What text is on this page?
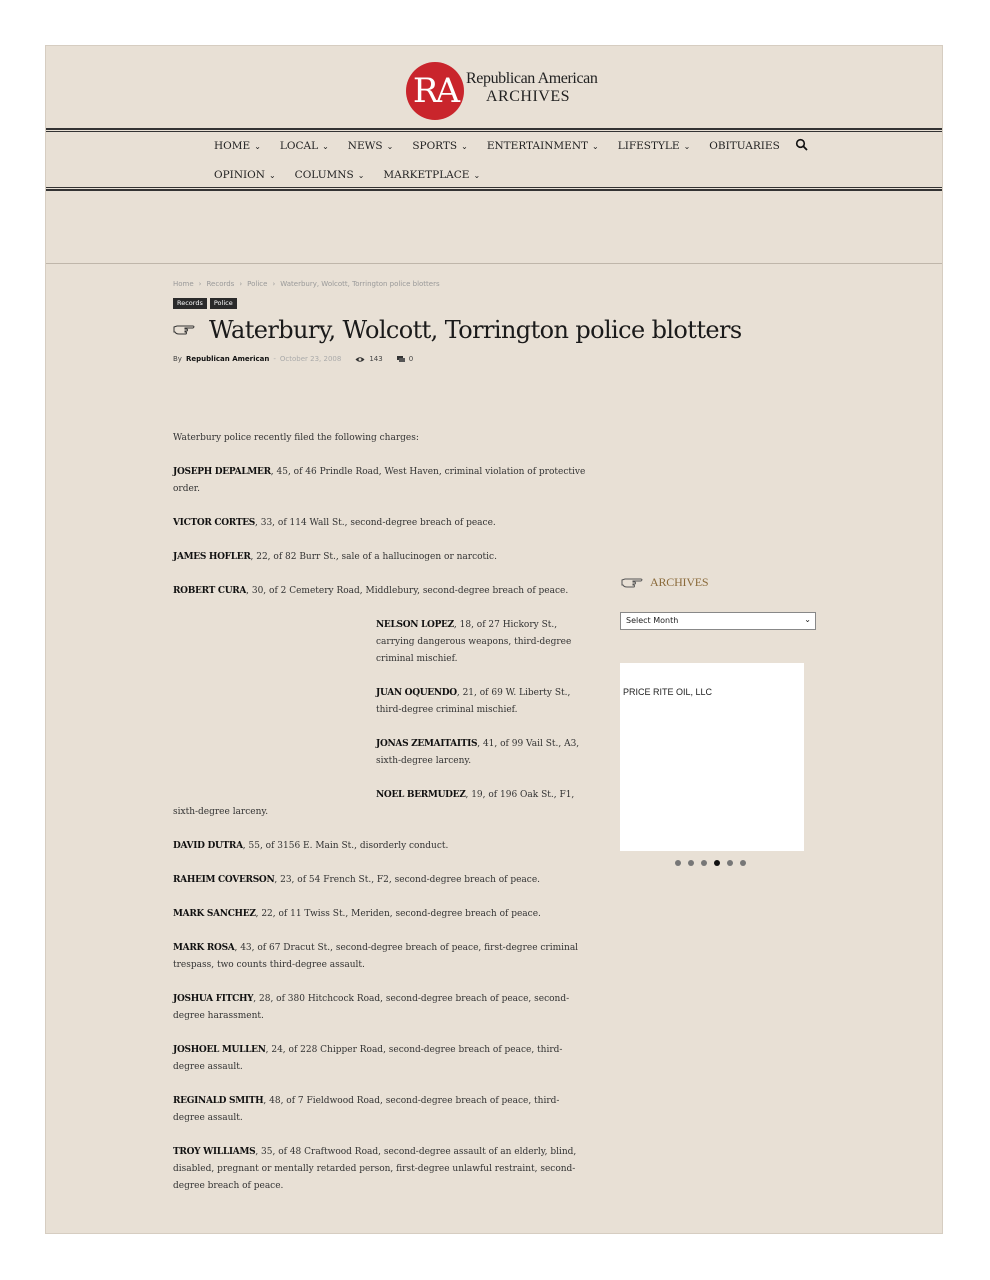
RA Republican American
ARCHIVES
HOME ⌄ LOCAL ⌄ NEWS ⌄ SPORTS ⌄ ENTERTAINMENT ⌄ LIFESTYLE ⌄ OBITUARIES
OPINION ⌄ COLUMNS ⌄ MARKETPLACE ⌄
Home › Records › Police › Waterbury, Wolcott, Torrington police blotters
Records	Police
Waterbury, Wolcott, Torrington police blotters
By Republican American - October 23, 2008	143	0

Waterbury police recently filed the following charges:

JOSEPH DEPALMER, 45, of 46 Prindle Road, West Haven, criminal violation of protective order.

VICTOR CORTES, 33, of 114 Wall St., second-degree breach of peace.

JAMES HOFLER, 22, of 82 Burr St., sale of a hallucinogen or narcotic.

ROBERT CURA, 30, of 2 Cemetery Road, Middlebury, second-degree breach of peace.

NELSON LOPEZ, 18, of 27 Hickory St., carrying dangerous weapons, third-degree criminal mischief.

JUAN OQUENDO, 21, of 69 W. Liberty St., third-degree criminal mischief.

JONAS ZEMAITAITIS, 41, of 99 Vail St., A3, sixth-degree larceny.

NOEL BERMUDEZ, 19, of 196 Oak St., F1, sixth-degree larceny.

DAVID DUTRA, 55, of 3156 E. Main St., disorderly conduct.

RAHEIM COVERSON, 23, of 54 French St., F2, second-degree breach of peace.

MARK SANCHEZ, 22, of 11 Twiss St., Meriden, second-degree breach of peace.

MARK ROSA, 43, of 67 Dracut St., second-degree breach of peace, first-degree criminal trespass, two counts third-degree assault.

JOSHUA FITCHY, 28, of 380 Hitchcock Road, second-degree breach of peace, second-degree harassment.

JOSHOEL MULLEN, 24, of 228 Chipper Road, second-degree breach of peace, third-degree assault.

REGINALD SMITH, 48, of 7 Fieldwood Road, second-degree breach of peace, third-degree assault.

TROY WILLIAMS, 35, of 48 Craftwood Road, second-degree assault of an elderly, blind, disabled, pregnant or mentally retarded person, first-degree unlawful restraint, second-degree breach of peace.

ARCHIVES
Select Month	⌄
PRICE RITE OIL, LLC
